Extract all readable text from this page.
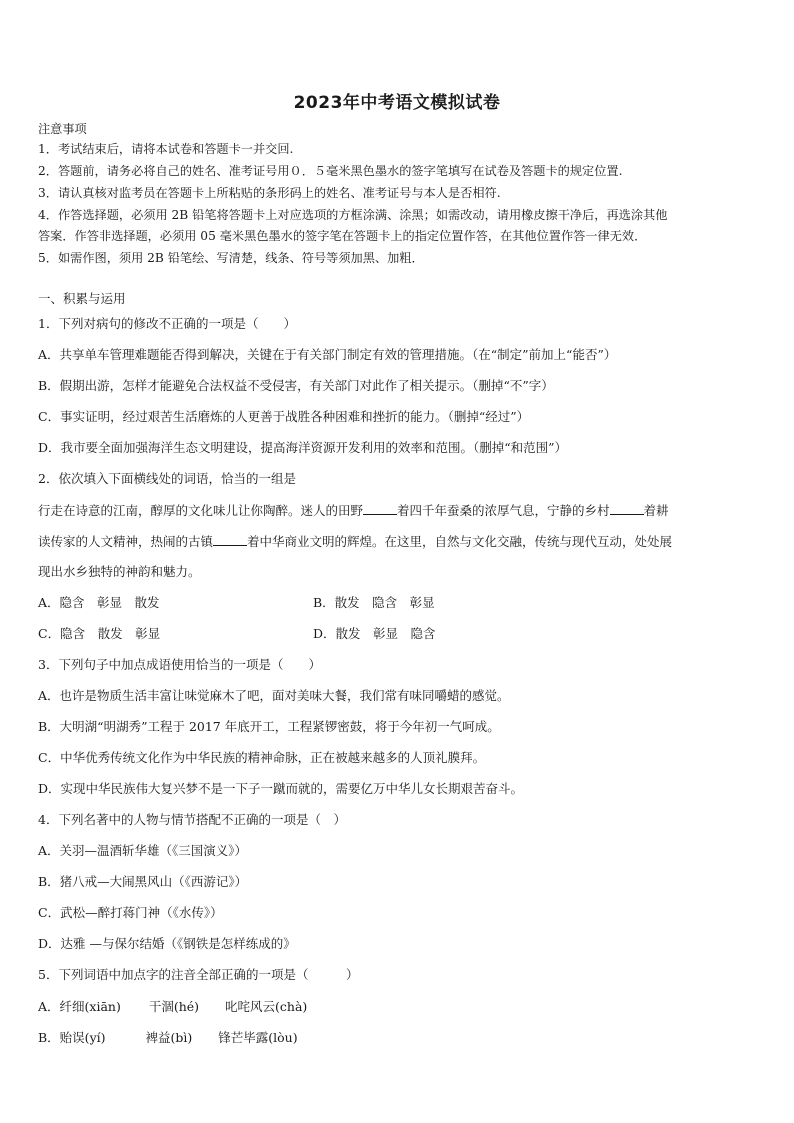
2023年中考语文模拟试卷
注意事项
1．考试结束后，请将本试卷和答题卡一并交回.
2．答题前，请务必将自己的姓名、准考证号用０．５毫米黑色墨水的签字笔填写在试卷及答题卡的规定位置.
3．请认真核对监考员在答题卡上所粘贴的条形码上的姓名、准考证号与本人是否相符.
4．作答选择题，必须用 2B 铅笔将答题卡上对应选项的方框涂满、涂黑；如需改动，请用橡皮擦干净后，再选涂其他
答案．作答非选择题，必须用 05 毫米黑色墨水的签字笔在答题卡上的指定位置作答，在其他位置作答一律无效．
5．如需作图，须用 2B 铅笔绘、写清楚，线条、符号等须加黑、加粗．
一、积累与运用
1．下列对病句的修改不正确的一项是（　　）
A．共享单车管理难题能否得到解决，关键在于有关部门制定有效的管理措施。（在“制定”前加上“能否”）
B．假期出游，怎样才能避免合法权益不受侵害，有关部门对此作了相关提示。（删掉“不”字）
C．事实证明，经过艰苦生活磨炼的人更善于战胜各种困难和挫折的能力。（删掉“经过”）
D．我市要全面加强海洋生态文明建设，提高海洋资源开发利用的效率和范围。（删掉“和范围”）
2．依次填入下面横线处的词语，恰当的一组是
行走在诗意的江南，醇厚的文化味儿让你陶醉。迷人的田野	着四千年蚕桑的浓厚气息，宁静的乡村	着耕
读传家的人文精神，热闹的古镇	着中华商业文明的辉煌。在这里，自然与文化交融，传统与现代互动，处处展
现出水乡独特的神韵和魅力。
A．隐含　彰显　散发	B．散发　隐含　彰显
C．隐含　散发　彰显	D．散发　彰显　隐含
3．下列句子中加点成语使用恰当的一项是（　　）
A．也许是物质生活丰富让味觉麻木了吧，面对美味大餐，我们常有味同嚼蜡的感觉。
B．大明湖“明湖秀”工程于 2017 年底开工，工程紧锣密鼓，将于今年初一气呵成。
C．中华优秀传统文化作为中华民族的精神命脉，正在被越来越多的人顶礼膜拜。
D．实现中华民族伟大复兴梦不是一下子一蹴而就的，需要亿万中华儿女长期艰苦奋斗。
4．下列名著中的人物与情节搭配不正确的一项是（　）
A．关羽—温酒斩华雄（《三国演义》）
B．猪八戒—大闹黑风山（《西游记》）
C．武松—醉打蒋门神（《水传》）
D．达雅 —与保尔结婚（《钢铁是怎样练成的》
5．下列词语中加点字的注音全部正确的一项是（　　　）
A．纤细(xiān) 干涸(hé) 叱咤风云(chà)
B．贻误(yí)	裨益(bì) 锋芒毕露(lòu)
